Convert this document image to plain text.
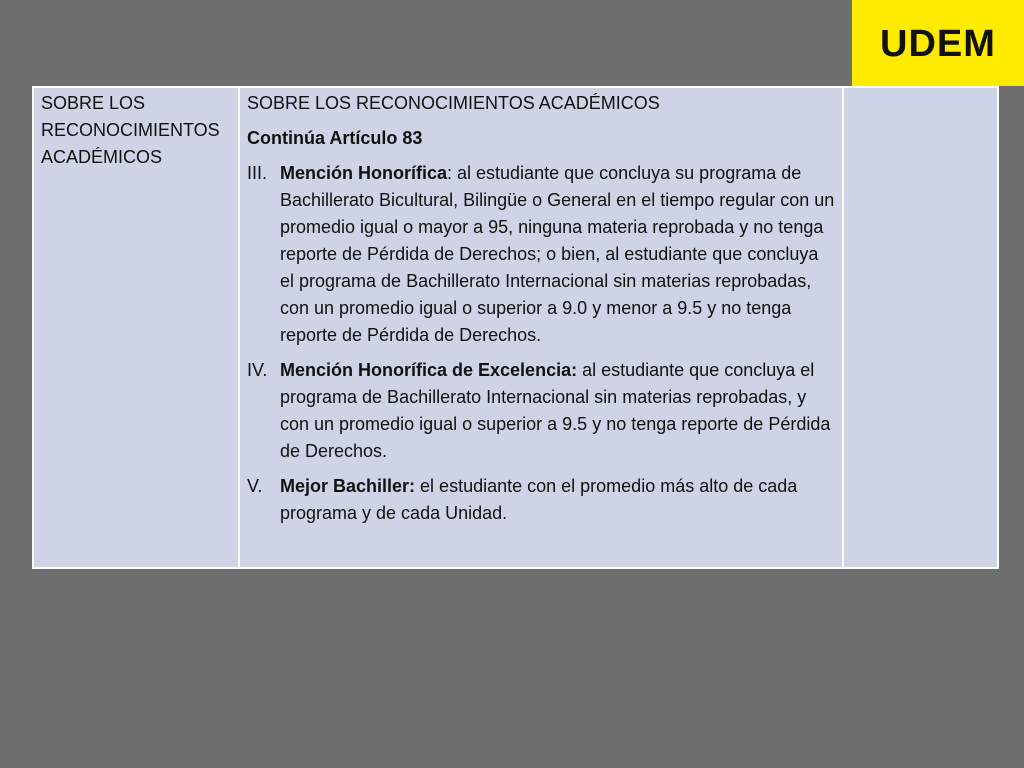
UDEM
SOBRE LOS RECONOCIMIENTOS ACADÉMICOS

SOBRE LOS RECONOCIMIENTOS ACADÉMICOS

Continúa Artículo 83

III. Mención Honorífica: al estudiante que concluya su programa de Bachillerato Bicultural, Bilingüe o General en el tiempo regular con un promedio igual o mayor a 95, ninguna materia reprobada y no tenga reporte de Pérdida de Derechos; o bien, al estudiante que concluya el programa de Bachillerato Internacional sin materias reprobadas, con un promedio igual o superior a 9.0 y menor a 9.5 y no tenga reporte de Pérdida de Derechos.
IV. Mención Honorífica de Excelencia: al estudiante que concluya el programa de Bachillerato Internacional sin materias reprobadas, y con un promedio igual o superior a 9.5 y no tenga reporte de Pérdida de Derechos.
V. Mejor Bachiller: el estudiante con el promedio más alto de cada programa y de cada Unidad.
